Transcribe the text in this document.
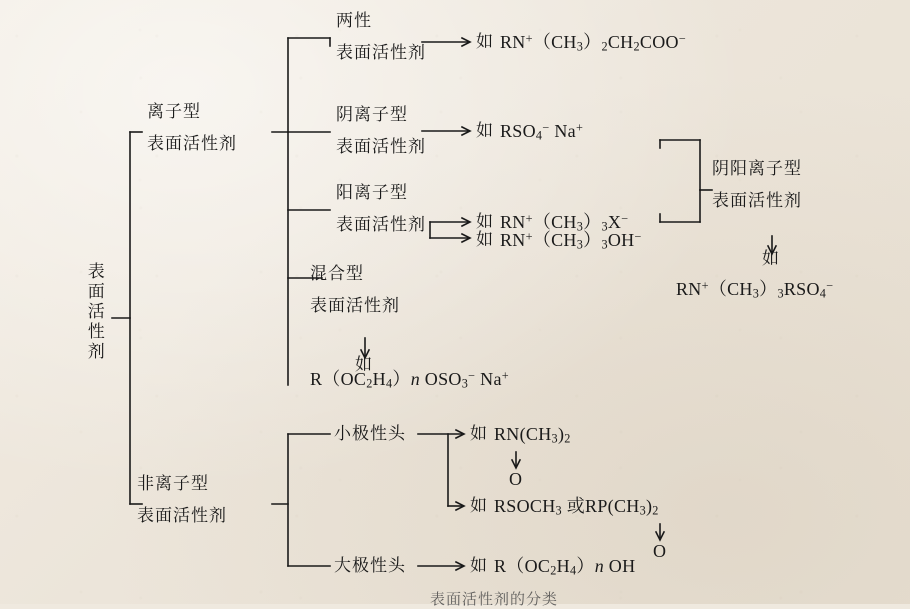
表面活性剂
离子型
表面活性剂
两性
表面活性剂
如 $RN^+(CH_3)_2CH_2COO^-$
阴离子型
表面活性剂
如 $RSO_4^-$ Na+
阳离子型
表面活性剂	如 $RN^+(CH_3)_3X^-$
如 $RN^+(CH_3)_3OH^-$
阴阳离子型
表面活性剂
如
$RN^+(CH_3)_3RSO_4^-$
混合型
表面活性剂
如
$R(OC_2H_4)n$ $OSO_3^-$ Na+
非离子型
表面活性剂
小极性头	如 $RN(CH_3)_2$
O
如 $RSOCH_3$ 或$RP(CH_3)_2$
O
大极性头	如 $R(OC_2H_4)n$ OH
表面活性剂的分类
